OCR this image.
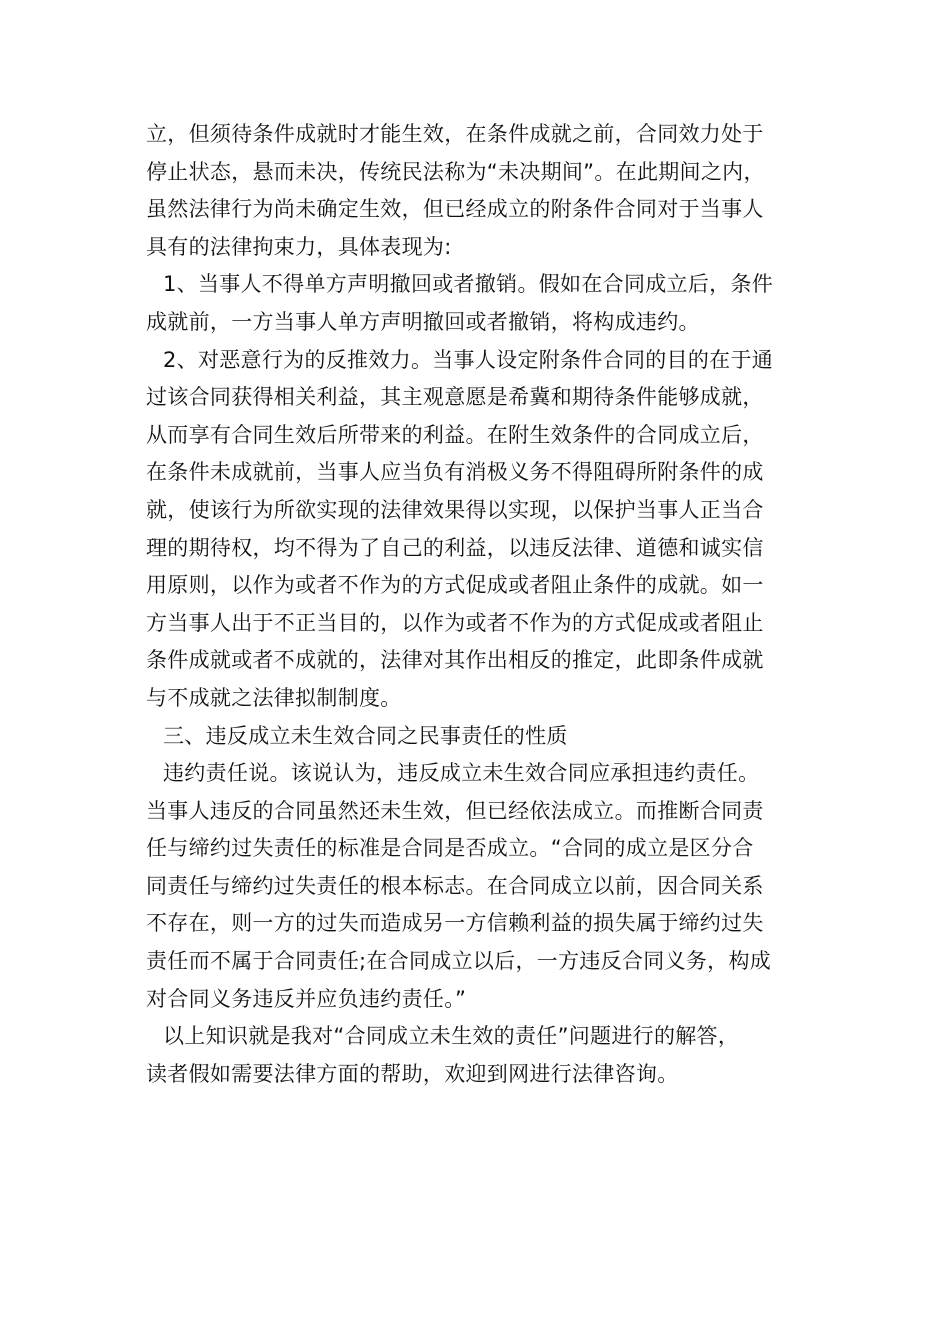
立，但须待条件成就时才能生效，在条件成就之前，合同效力处于
停止状态，悬而未决，传统民法称为“未决期间”。在此期间之内，
虽然法律行为尚未确定生效，但已经成立的附条件合同对于当事人
具有的法律拘束力，具体表现为:
1、当事人不得单方声明撤回或者撤销。假如在合同成立后，条件
成就前，一方当事人单方声明撤回或者撤销，将构成违约。
2、对恶意行为的反推效力。当事人设定附条件合同的目的在于通
过该合同获得相关利益，其主观意愿是希冀和期待条件能够成就，
从而享有合同生效后所带来的利益。在附生效条件的合同成立后，
在条件未成就前，当事人应当负有消极义务不得阻碍所附条件的成
就，使该行为所欲实现的法律效果得以实现，以保护当事人正当合
理的期待权，均不得为了自己的利益，以违反法律、道德和诚实信
用原则，以作为或者不作为的方式促成或者阻止条件的成就。如一
方当事人出于不正当目的，以作为或者不作为的方式促成或者阻止
条件成就或者不成就的，法律对其作出相反的推定，此即条件成就
与不成就之法律拟制制度。
三、违反成立未生效合同之民事责任的性质
违约责任说。该说认为，违反成立未生效合同应承担违约责任。
当事人违反的合同虽然还未生效，但已经依法成立。而推断合同责
任与缔约过失责任的标准是合同是否成立。“合同的成立是区分合
同责任与缔约过失责任的根本标志。在合同成立以前，因合同关系
不存在，则一方的过失而造成另一方信赖利益的损失属于缔约过失
责任而不属于合同责任;在合同成立以后，一方违反合同义务，构成
对合同义务违反并应负违约责任。”
以上知识就是我对“合同成立未生效的责任”问题进行的解答，
读者假如需要法律方面的帮助，欢迎到网进行法律咨询。
